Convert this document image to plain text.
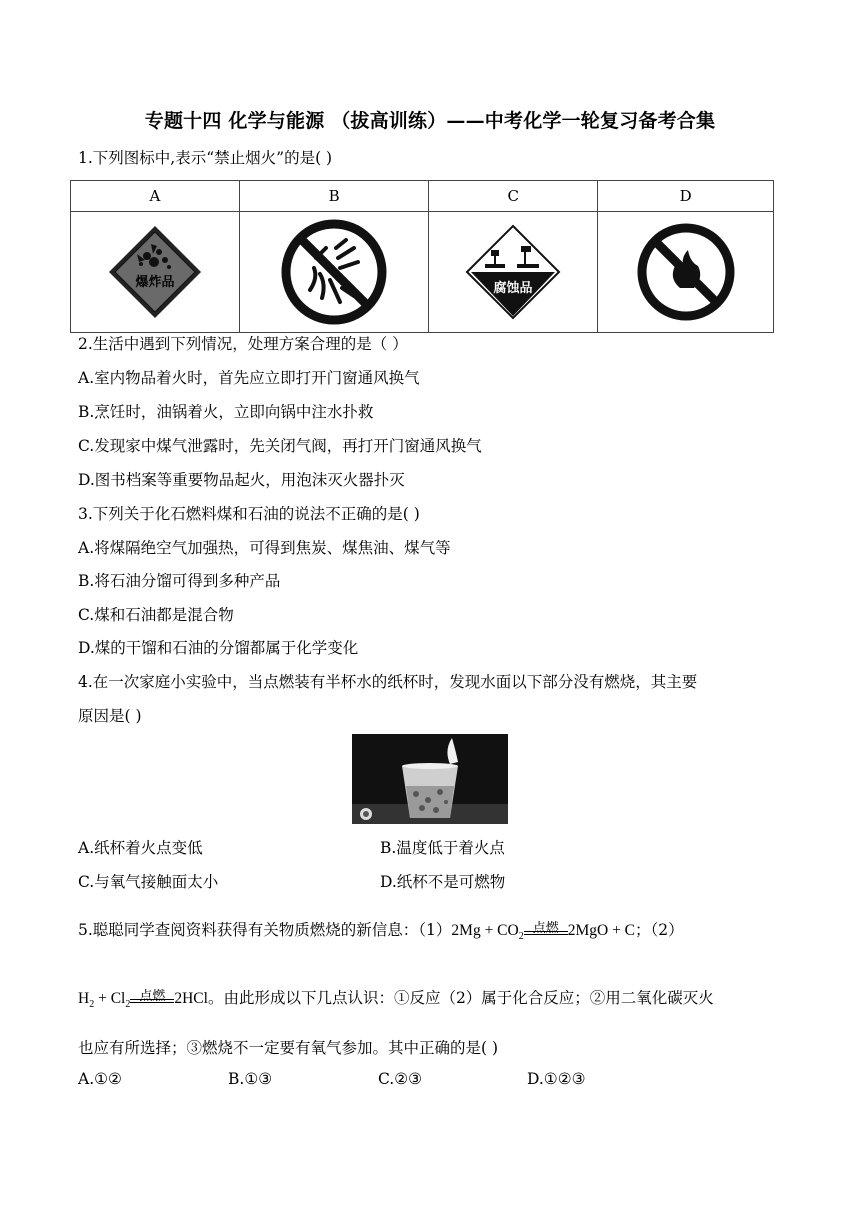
专题十四 化学与能源 （拔高训练）——中考化学一轮复习备考合集
1.下列图标中,表示“禁止烟火”的是( )
A	B	C	D

爆炸品		腐蚀品

2.生活中遇到下列情况，处理方案合理的是（ ）
A.室内物品着火时，首先应立即打开门窗通风换气
B.烹饪时，油锅着火，立即向锅中注水扑救
C.发现家中煤气泄露时，先关闭气阀，再打开门窗通风换气
D.图书档案等重要物品起火，用泡沫灭火器扑灭
3.下列关于化石燃料煤和石油的说法不正确的是( )
A.将煤隔绝空气加强热，可得到焦炭、煤焦油、煤气等
B.将石油分馏可得到多种产品
C.煤和石油都是混合物
D.煤的干馏和石油的分馏都属于化学变化
4.在一次家庭小实验中，当点燃装有半杯水的纸杯时，发现水面以下部分没有燃烧，其主要
原因是( )
A.纸杯着火点变低	B.温度低于着火点
C.与氧气接触面太小	D.纸杯不是可燃物
5.聪聪同学查阅资料获得有关物质燃烧的新信息：$(1)2Mg + CO_2$
点燃 2MgO + C；（2）
$H_2 + Cl_2$
点燃 2HCl。由此形成以下几点认识：①反应（2）属于化合反应；②用二氧化碳灭火
也应有所选择；③燃烧不一定要有氧气参加。其中正确的是( )
A.①②	B.①③	C.②③	D.①②③
